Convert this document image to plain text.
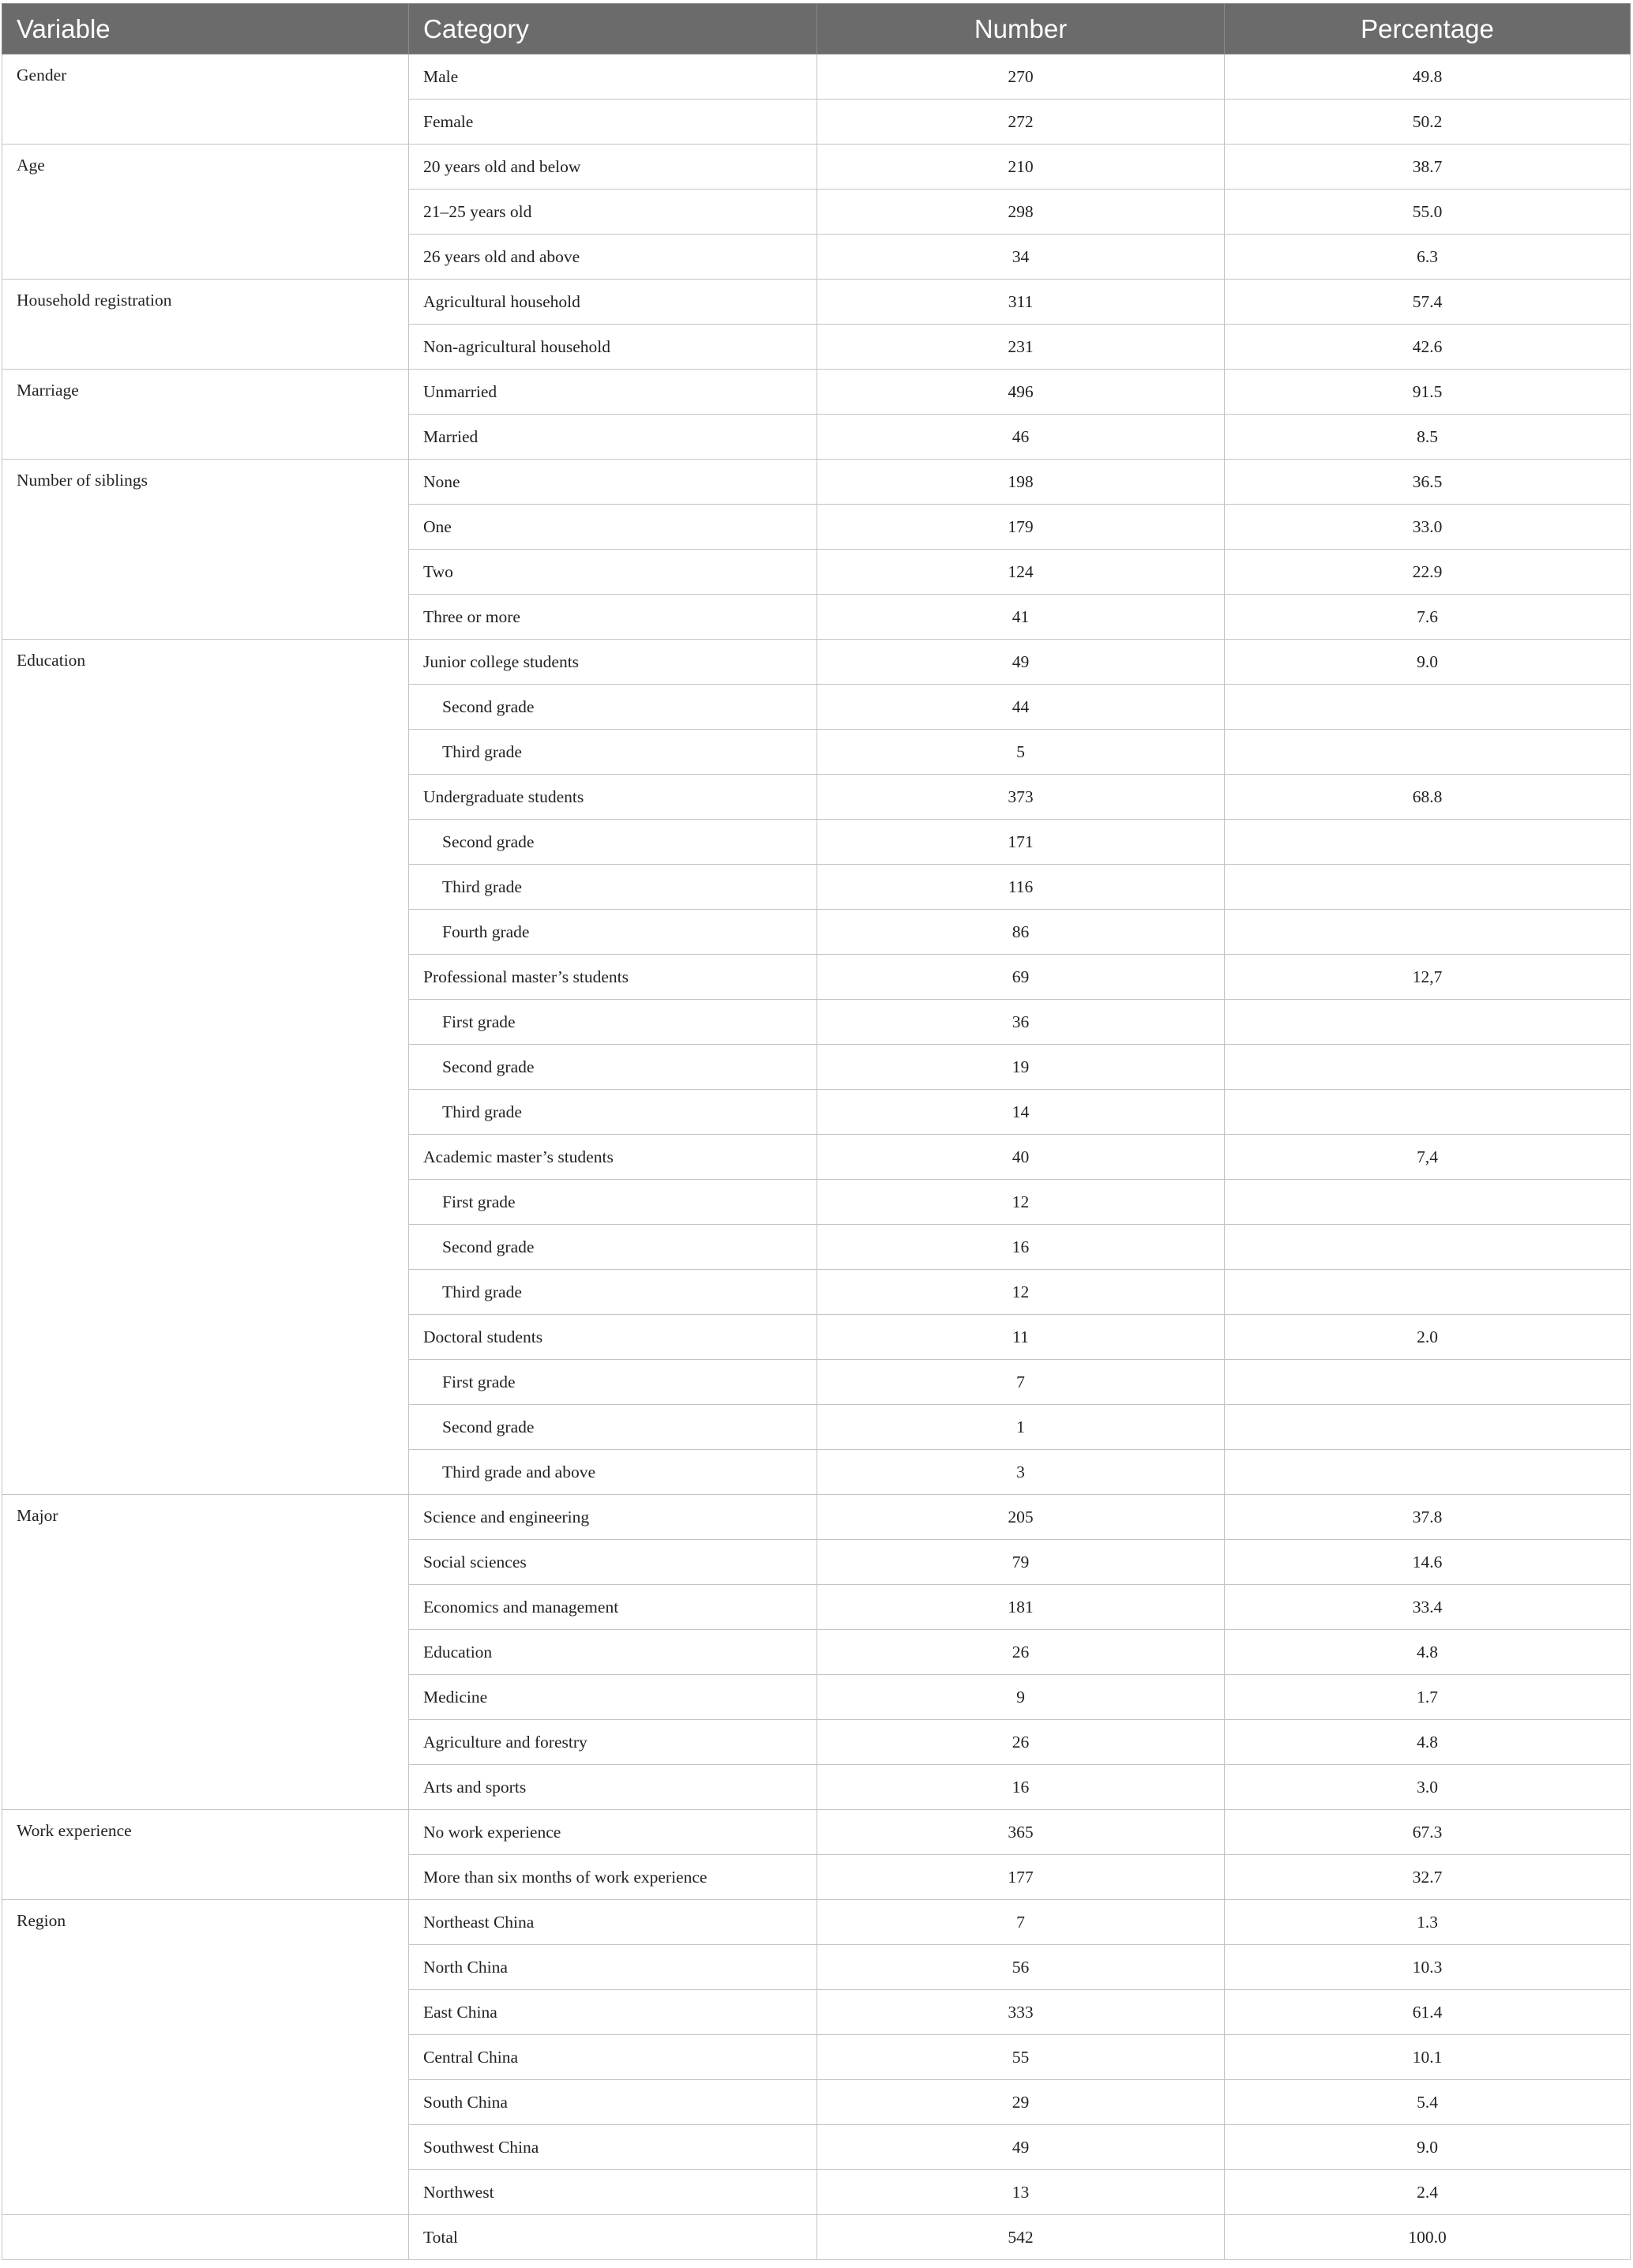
Variable	Category	Number	Percentage
Gender	Male	270	49.8
	Female	272	50.2
Age	20 years old and below	210	38.7
	21–25 years old	298	55.0
	26 years old and above	34	6.3
Household registration	Agricultural household	311	57.4
	Non-agricultural household	231	42.6
Marriage	Unmarried	496	91.5
	Married	46	8.5
Number of siblings	None	198	36.5
	One	179	33.0
	Two	124	22.9
	Three or more	41	7.6
Education	Junior college students	49	9.0
	Second grade	44	
	Third grade	5	
	Undergraduate students	373	68.8
	Second grade	171	
	Third grade	116	
	Fourth grade	86	
	Professional master’s students	69	12,7
	First grade	36	
	Second grade	19	
	Third grade	14	
	Academic master’s students	40	7,4
	First grade	12	
	Second grade	16	
	Third grade	12	
	Doctoral students	11	2.0
	First grade	7	
	Second grade	1	
	Third grade and above	3	
Major	Science and engineering	205	37.8
	Social sciences	79	14.6
	Economics and management	181	33.4
	Education	26	4.8
	Medicine	9	1.7
	Agriculture and forestry	26	4.8
	Arts and sports	16	3.0
Work experience	No work experience	365	67.3
	More than six months of work experience	177	32.7
Region	Northeast China	7	1.3
	North China	56	10.3
	East China	333	61.4
	Central China	55	10.1
	South China	29	5.4
	Southwest China	49	9.0
	Northwest	13	2.4
	Total	542	100.0
